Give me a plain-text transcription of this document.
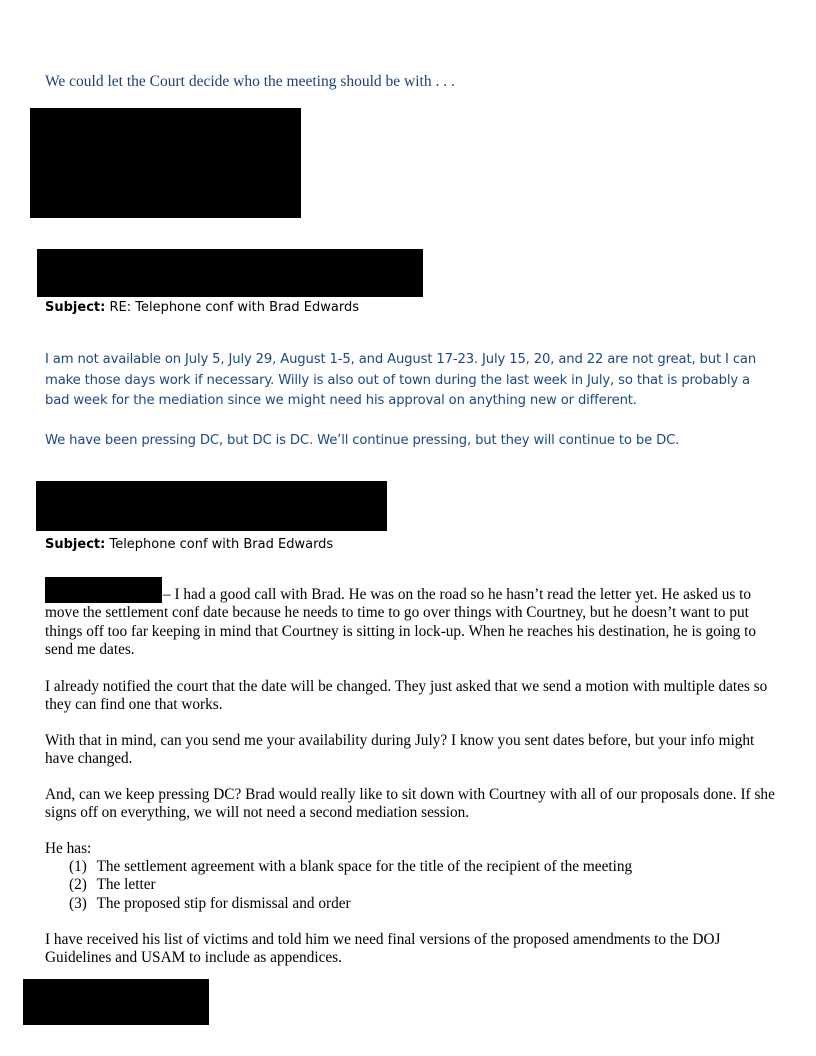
We could let the Court decide who the meeting should be with . . .
Subject: RE: Telephone conf with Brad Edwards
I am not available on July 5, July 29, August 1-5, and August 17-23. July 15, 20, and 22 are not great, but I can make those days work if necessary. Willy is also out of town during the last week in July, so that is probably a bad week for the mediation since we might need his approval on anything new or different.
We have been pressing DC, but DC is DC. We’ll continue pressing, but they will continue to be DC.
Subject: Telephone conf with Brad Edwards
– I had a good call with Brad. He was on the road so he hasn’t read the letter yet. He asked us to move the settlement conf date because he needs to time to go over things with Courtney, but he doesn’t want to put things off too far keeping in mind that Courtney is sitting in lock-up. When he reaches his destination, he is going to send me dates.
I already notified the court that the date will be changed. They just asked that we send a motion with multiple dates so they can find one that works.
With that in mind, can you send me your availability during July? I know you sent dates before, but your info might have changed.
And, can we keep pressing DC? Brad would really like to sit down with Courtney with all of our proposals done. If she signs off on everything, we will not need a second mediation session.
He has:
(1) The settlement agreement with a blank space for the title of the recipient of the meeting
(2) The letter
(3) The proposed stip for dismissal and order
I have received his list of victims and told him we need final versions of the proposed amendments to the DOJ Guidelines and USAM to include as appendices.
